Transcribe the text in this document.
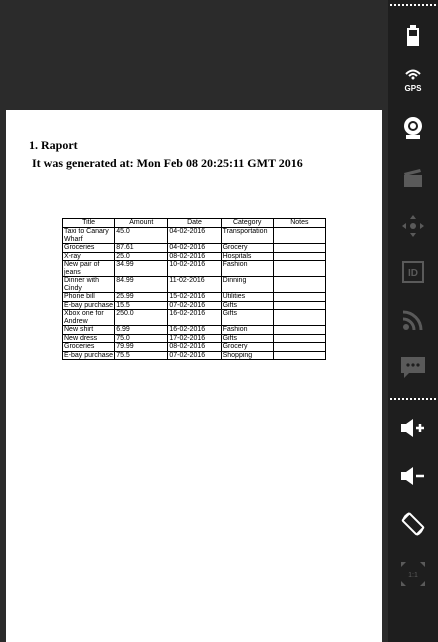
1. Raport
It was generated at: Mon Feb 08 20:25:11 GMT 2016
Title	Amount	Date	Category	Notes
Taxi to Canary Wharf	45.0	04-02-2016	Transportation	
Groceries	87.61	04-02-2016	Grocery	
X-ray	25.0	08-02-2016	Hospitals	
New pair of jeans	34.99	10-02-2016	Fashion	
Dinner with Cindy	84.99	11-02-2016	Dinning	
Phone bill	25.99	15-02-2016	Utilities	
E-bay purchase	15.5	07-02-2016	Gifts	
Xbox one for Andrew	250.0	16-02-2016	Gifts	
New shirt	6.99	16-02-2016	Fashion	
New dress	75.0	17-02-2016	Gifts	
Groceries	79.99	08-02-2016	Grocery	
E-bay purchase	75.5	07-02-2016	Shopping	
GPS
ID
1:1
